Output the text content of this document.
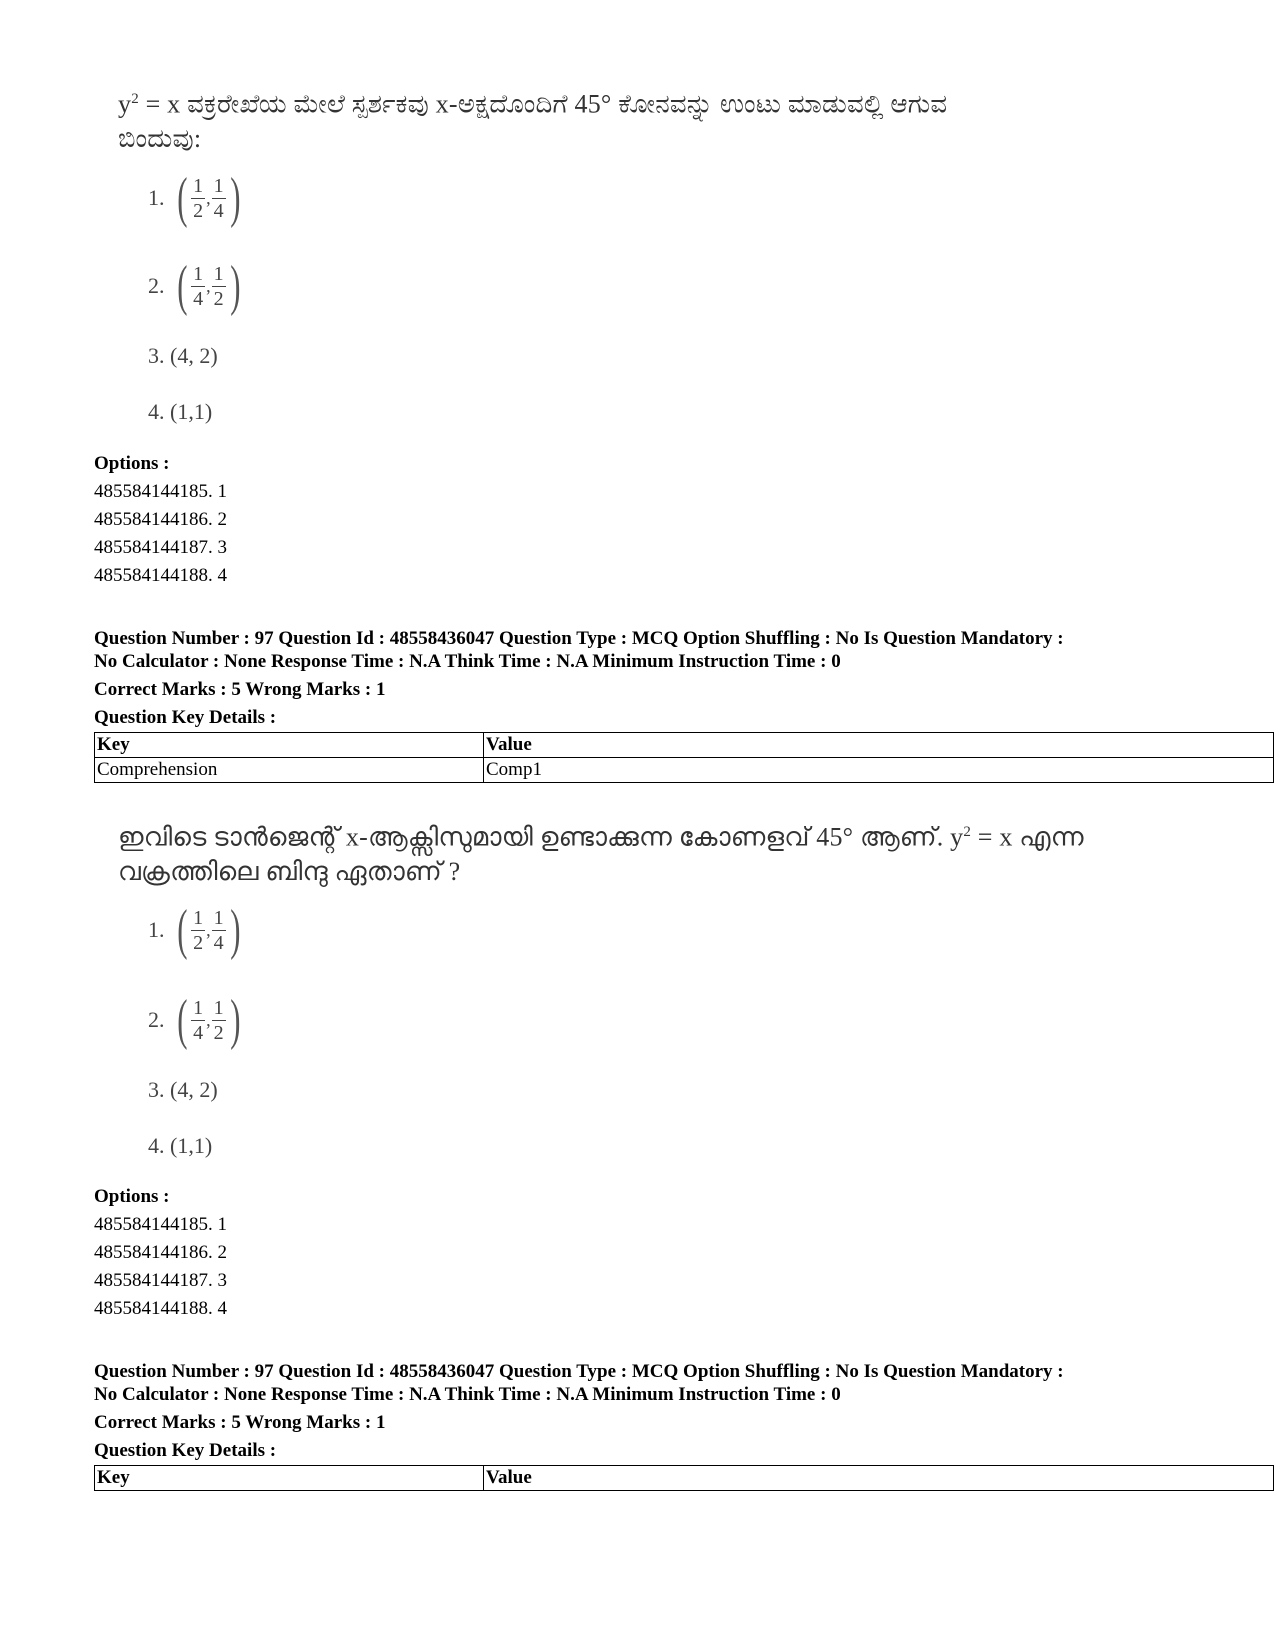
$y^2 = x$ ವಕ್ರರೇಖೆಯ ಮೇಲೆ ಸ್ಪರ್ಶಕವು x-ಅಕ್ಷದೊಂದಿಗೆ 45° ಕೋನವನ್ನು ಉಂಟು ಮಾಡುವಲ್ಲಿ ಆಗುವ
ಬಿಂದುವು:
1. ( $\frac{1}{2}$ , $\frac{1}{4}$ )
2. ( $\frac{1}{4}$ , $\frac{1}{2}$ )
3. (4, 2)
4. (1,1)
Options :
485584144185. 1
485584144186. 2
485584144187. 3
485584144188. 4
Question Number : 97 Question Id : 48558436047 Question Type : MCQ Option Shuffling : No Is Question Mandatory :
No Calculator : None Response Time : N.A Think Time : N.A Minimum Instruction Time : 0
Correct Marks : 5 Wrong Marks : 1
Question Key Details :
Key	Value
Comprehension	Comp1
ഇവിടെ ടാൻജെന്റ് x-ആക്സിസുമായി ഉണ്ടാക്കുന്ന കോണളവ് 45° ആണ്. $y^2 = x$ എന്ന
വക്രത്തിലെ ബിന്ദു ഏതാണ് ?
1. ( $\frac{1}{2}$ , $\frac{1}{4}$ )
2. ( $\frac{1}{4}$ , $\frac{1}{2}$ )
3. (4, 2)
4. (1,1)
Options :
485584144185. 1
485584144186. 2
485584144187. 3
485584144188. 4
Question Number : 97 Question Id : 48558436047 Question Type : MCQ Option Shuffling : No Is Question Mandatory :
No Calculator : None Response Time : N.A Think Time : N.A Minimum Instruction Time : 0
Correct Marks : 5 Wrong Marks : 1
Question Key Details :
Key	Value
